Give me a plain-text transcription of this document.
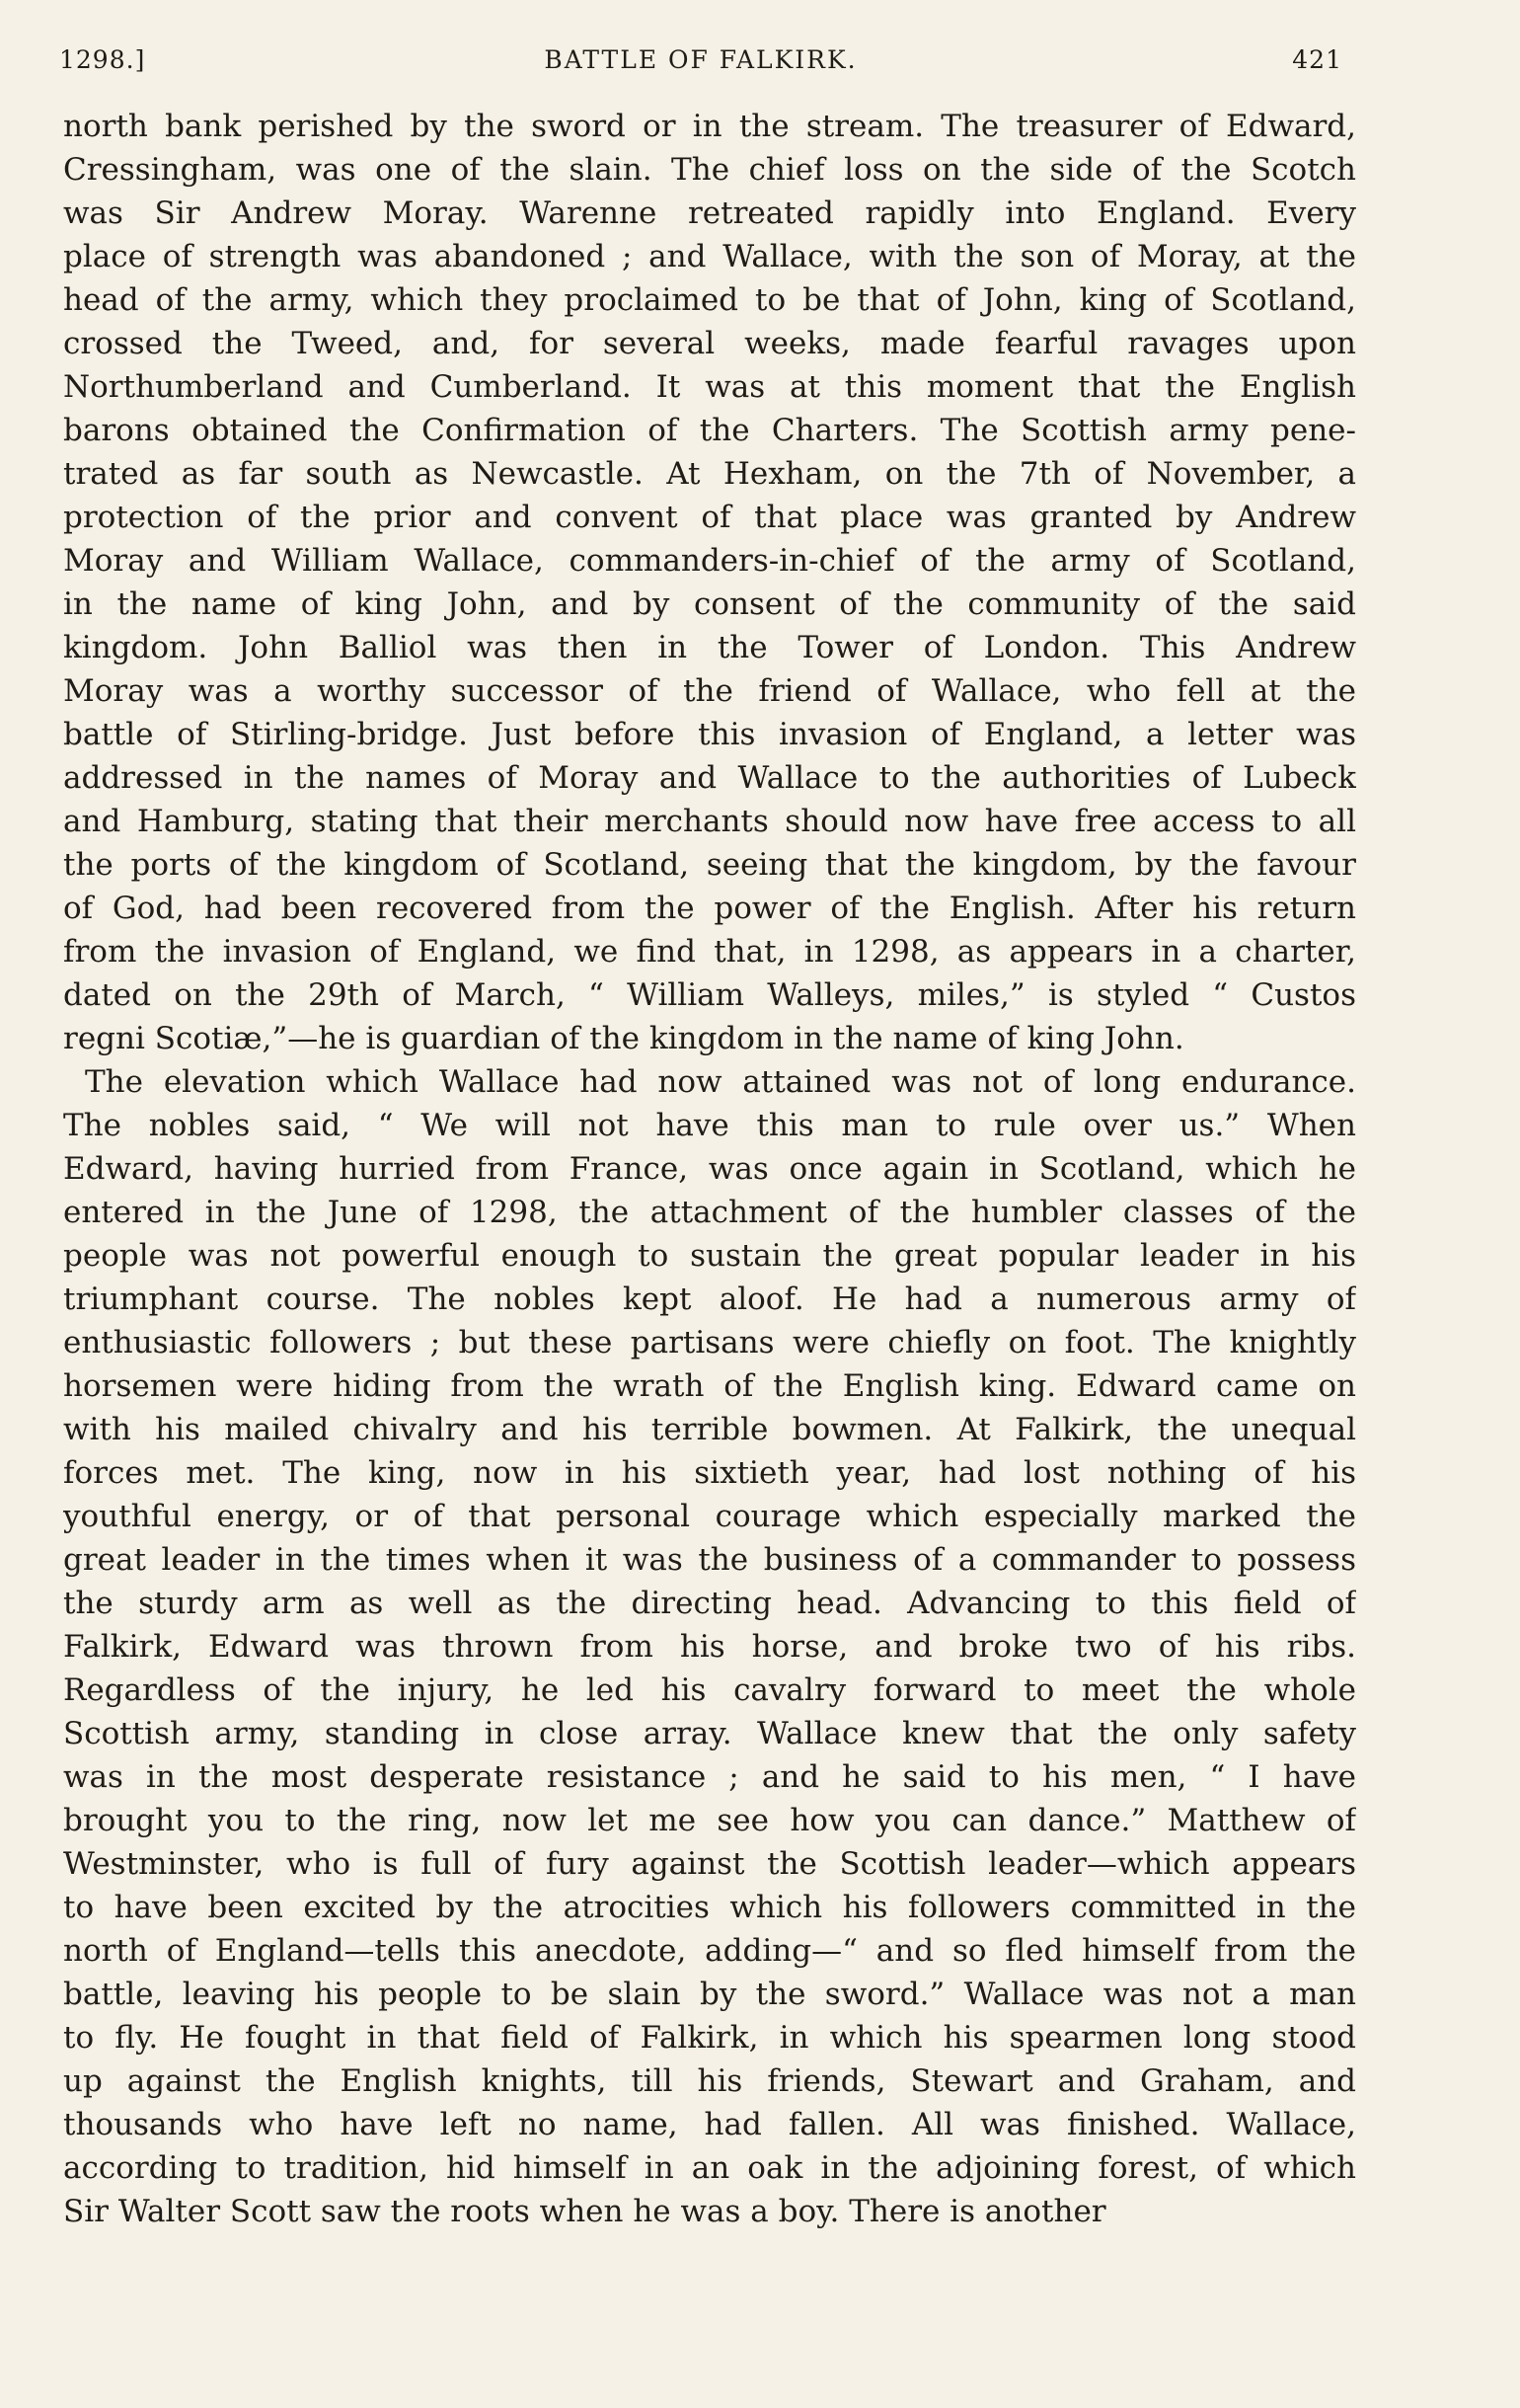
1298.]	BATTLE OF FALKIRK.	421
north bank perished by the sword or in the stream. The treasurer of Edward,
Cressingham, was one of the slain. The chief loss on the side of the Scotch
was Sir Andrew Moray. Warenne retreated rapidly into England. Every
place of strength was abandoned ; and Wallace, with the son of Moray, at the
head of the army, which they proclaimed to be that of John, king of Scotland,
crossed the Tweed, and, for several weeks, made fearful ravages upon
Northumberland and Cumberland. It was at this moment that the English
barons obtained the Confirmation of the Charters. The Scottish army pene-
trated as far south as Newcastle. At Hexham, on the 7th of November, a
protection of the prior and convent of that place was granted by Andrew
Moray and William Wallace, commanders-in-chief of the army of Scotland,
in the name of king John, and by consent of the community of the said
kingdom. John Balliol was then in the Tower of London. This Andrew
Moray was a worthy successor of the friend of Wallace, who fell at the
battle of Stirling-bridge. Just before this invasion of England, a letter was
addressed in the names of Moray and Wallace to the authorities of Lubeck
and Hamburg, stating that their merchants should now have free access to all
the ports of the kingdom of Scotland, seeing that the kingdom, by the favour
of God, had been recovered from the power of the English. After his return
from the invasion of England, we find that, in 1298, as appears in a charter,
dated on the 29th of March, “ William Walleys, miles,” is styled “ Custos
regni Scotiæ,”—he is guardian of the kingdom in the name of king John.
The elevation which Wallace had now attained was not of long endurance.
The nobles said, “ We will not have this man to rule over us.” When
Edward, having hurried from France, was once again in Scotland, which he
entered in the June of 1298, the attachment of the humbler classes of the
people was not powerful enough to sustain the great popular leader in his
triumphant course. The nobles kept aloof. He had a numerous army of
enthusiastic followers ; but these partisans were chiefly on foot. The knightly
horsemen were hiding from the wrath of the English king. Edward came on
with his mailed chivalry and his terrible bowmen. At Falkirk, the unequal
forces met. The king, now in his sixtieth year, had lost nothing of his
youthful energy, or of that personal courage which especially marked the
great leader in the times when it was the business of a commander to possess
the sturdy arm as well as the directing head. Advancing to this field of
Falkirk, Edward was thrown from his horse, and broke two of his ribs.
Regardless of the injury, he led his cavalry forward to meet the whole
Scottish army, standing in close array. Wallace knew that the only safety
was in the most desperate resistance ; and he said to his men, “ I have
brought you to the ring, now let me see how you can dance.” Matthew of
Westminster, who is full of fury against the Scottish leader—which appears
to have been excited by the atrocities which his followers committed in the
north of England—tells this anecdote, adding—“ and so fled himself from the
battle, leaving his people to be slain by the sword.” Wallace was not a man
to fly. He fought in that field of Falkirk, in which his spearmen long stood
up against the English knights, till his friends, Stewart and Graham, and
thousands who have left no name, had fallen. All was finished. Wallace,
according to tradition, hid himself in an oak in the adjoining forest, of which
Sir Walter Scott saw the roots when he was a boy. There is another
